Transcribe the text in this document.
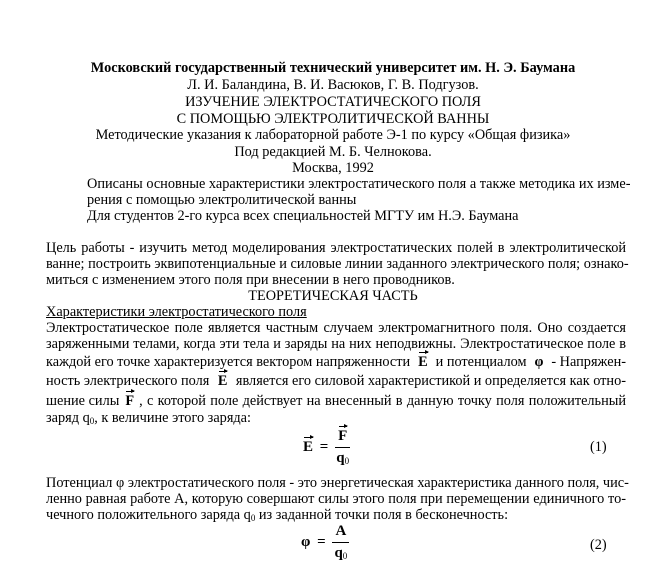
Московский государственный технический университет им. Н. Э. Баумана
Л. И. Баландина, В. И. Васюков, Г. В. Подгузов.
ИЗУЧЕНИЕ ЭЛЕКТРОСТАТИЧЕСКОГО ПОЛЯ
С ПОМОЩЬЮ ЭЛЕКТРОЛИТИЧЕСКОЙ ВАННЫ
Методические указания к лабораторной работе Э-1 по курсу «Общая физика»
Под редакцией М. Б. Челнокова.
Москва, 1992
Описаны основные характеристики электростатического поля а также методика их изме-
рения с помощью электролитической ванны
Для студентов 2-го курса всех специальностей МГТУ им Н.Э. Баумана
Цель работы - изучить метод моделирования электростатических полей в электролитической
ванне; построить эквипотенциальные и силовые линии заданного электрического поля; ознако-
миться с изменением этого поля при внесении в него проводников.
ТЕОРЕТИЧЕСКАЯ ЧАСТЬ
Характеристики электростатического поля
Электростатическое поле является частным случаем электромагнитного поля. Оно создается
заряженными телами, когда эти тела и заряды на них неподвижны. Электростатическое поле в
каждой его точке характеризуется вектором напряженности E и потенциалом φ - Напряжен-
ность электрического поля E является его силовой характеристикой и определяется как отно-
шение силы F , с которой поле действует на внесенный в данную точку поля положительный
заряд $q_0$, к величине этого заряда:
$E = \frac{F}{q_0}$	(1)
Потенциал φ электростатического поля - это энергетическая характеристика данного поля, чис-
ленно равная работе А, которую совершают силы этого поля при перемещении единичного то-
чечного положительного заряда $q_0$ из заданной точки поля в бесконечность:
$\varphi = \frac{A}{q_0}$	(2)
